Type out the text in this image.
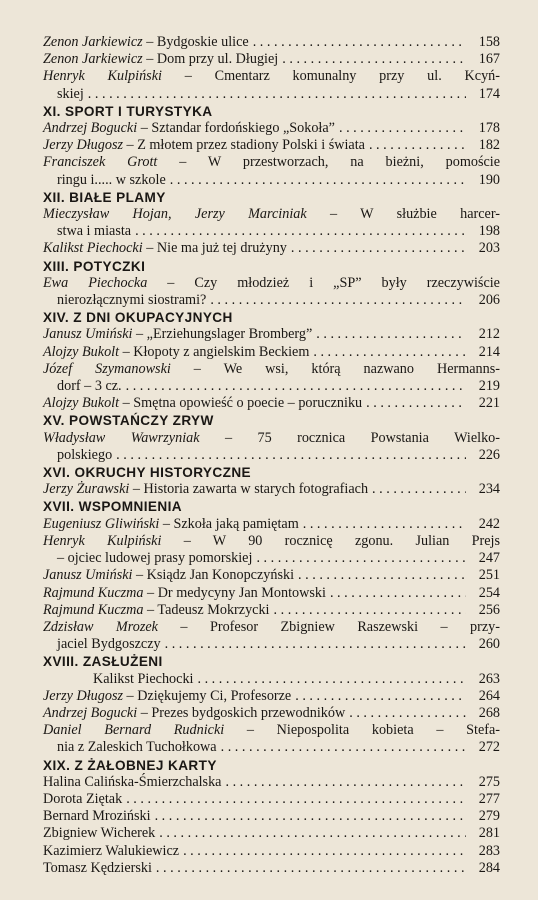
Zenon Jarkiewicz – Bydgoskie ulice . . .	158
Zenon Jarkiewicz – Dom przy ul. Długiej . . .	167
Henryk Kulpiński – Cmentarz komunalny przy ul. Kcyń-
skiej . . .	174
XI. SPORT I TURYSTYKA
Andrzej Bogucki – Sztandar fordońskiego „Sokoła” . . .	178
Jerzy Długosz – Z młotem przez stadiony Polski i świata . . .	182
Franciszek Grott – W przestworzach, na bieżni, pomoście
ringu i..... w szkole . . .	190
XII. BIAŁE PLAMY
Mieczysław Hojan, Jerzy Marciniak – W służbie harcer-
stwa i miasta . . .	198
Kalikst Piechocki – Nie ma już tej drużyny . . .	203
XIII. POTYCZKI
Ewa Piechocka – Czy młodzież i „SP” były rzeczywiście
nierozłącznymi siostrami? . . .	206
XIV. Z DNI OKUPACYJNYCH
Janusz Umiński – „Erziehungslager Bromberg” . . .	212
Alojzy Bukolt – Kłopoty z angielskim Beckiem . . .	214
Józef Szymanowski – We wsi, którą nazwano Hermanns-
dorf – 3 cz. . . .	219
Alojzy Bukolt – Smętna opowieść o poecie – poruczniku . . .	221
XV. POWSTAŃCZY ZRYW
Władysław Wawrzyniak – 75 rocznica Powstania Wielko-
polskiego . . .	226
XVI. OKRUCHY HISTORYCZNE
Jerzy Żurawski – Historia zawarta w starych fotografiach . . .	234
XVII. WSPOMNIENIA
Eugeniusz Gliwiński – Szkoła jaką pamiętam . . .	242
Henryk Kulpiński – W 90 rocznicę zgonu. Julian Prejs
– ojciec ludowej prasy pomorskiej . . .	247
Janusz Umiński – Ksiądz Jan Konopczyński . . .	251
Rajmund Kuczma – Dr medycyny Jan Montowski . . .	254
Rajmund Kuczma – Tadeusz Mokrzycki . . .	256
Zdzisław Mrozek – Profesor Zbigniew Raszewski – przy-
jaciel Bydgoszczy . . .	260
XVIII. ZASŁUŻENI
Kalikst Piechocki . . .	263
Jerzy Długosz – Dziękujemy Ci, Profesorze . . .	264
Andrzej Bogucki – Prezes bydgoskich przewodników . . .	268
Daniel Bernard Rudnicki – Niepospolita kobieta – Stefa-
nia z Zaleskich Tuchołkowa . . .	272
XIX. Z ŻAŁOBNEJ KARTY
Halina Calińska-Śmierzchalska . . .	275
Dorota Ziętak . . .	277
Bernard Mroziński . . .	279
Zbigniew Wicherek . . .	281
Kazimierz Walukiewicz . . .	283
Tomasz Kędzierski . . .	284
